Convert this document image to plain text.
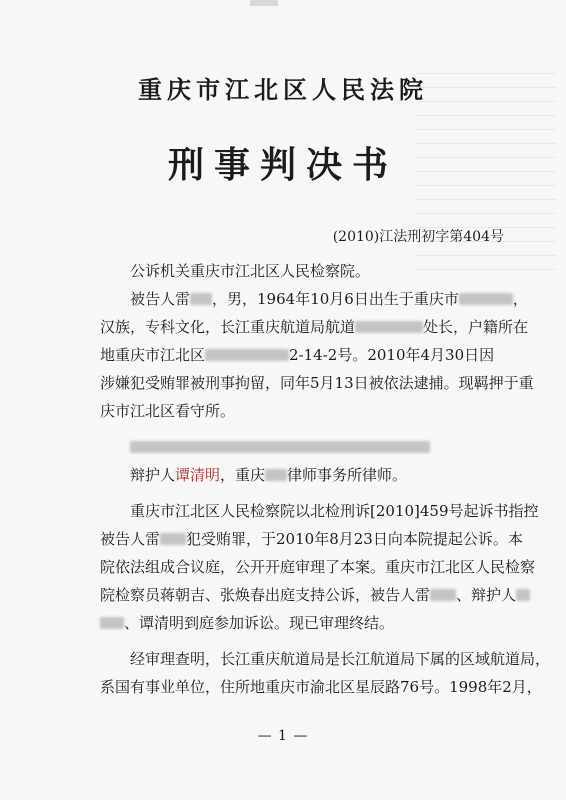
重庆市江北区人民法院
刑事判决书
(2010)江法刑初字第404号
公诉机关重庆市江北区人民检察院。
被告人雷 ，男，1964年10月6日出生于重庆市	，
汉族，专科文化，长江重庆航道局航道	处长，户籍所在
地重庆市江北区	2-14-2号。2010年4月30日因
涉嫌犯受贿罪被刑事拘留，同年5月13日被依法逮捕。现羁押于重
庆市江北区看守所。
辩护人谭清明，重庆 律师事务所律师。
重庆市江北区人民检察院以北检刑诉[2010]459号起诉书指控
被告人雷 犯受贿罪，于2010年8月23日向本院提起公诉。本
院依法组成合议庭，公开开庭审理了本案。重庆市江北区人民检察
院检察员蒋朝吉、张焕春出庭支持公诉，被告人雷 、辩护人
、谭清明到庭参加诉讼。现已审理终结。
经审理查明，长江重庆航道局是长江航道局下属的区域航道局，
系国有事业单位，住所地重庆市渝北区星辰路76号。1998年2月，
— 1 —
